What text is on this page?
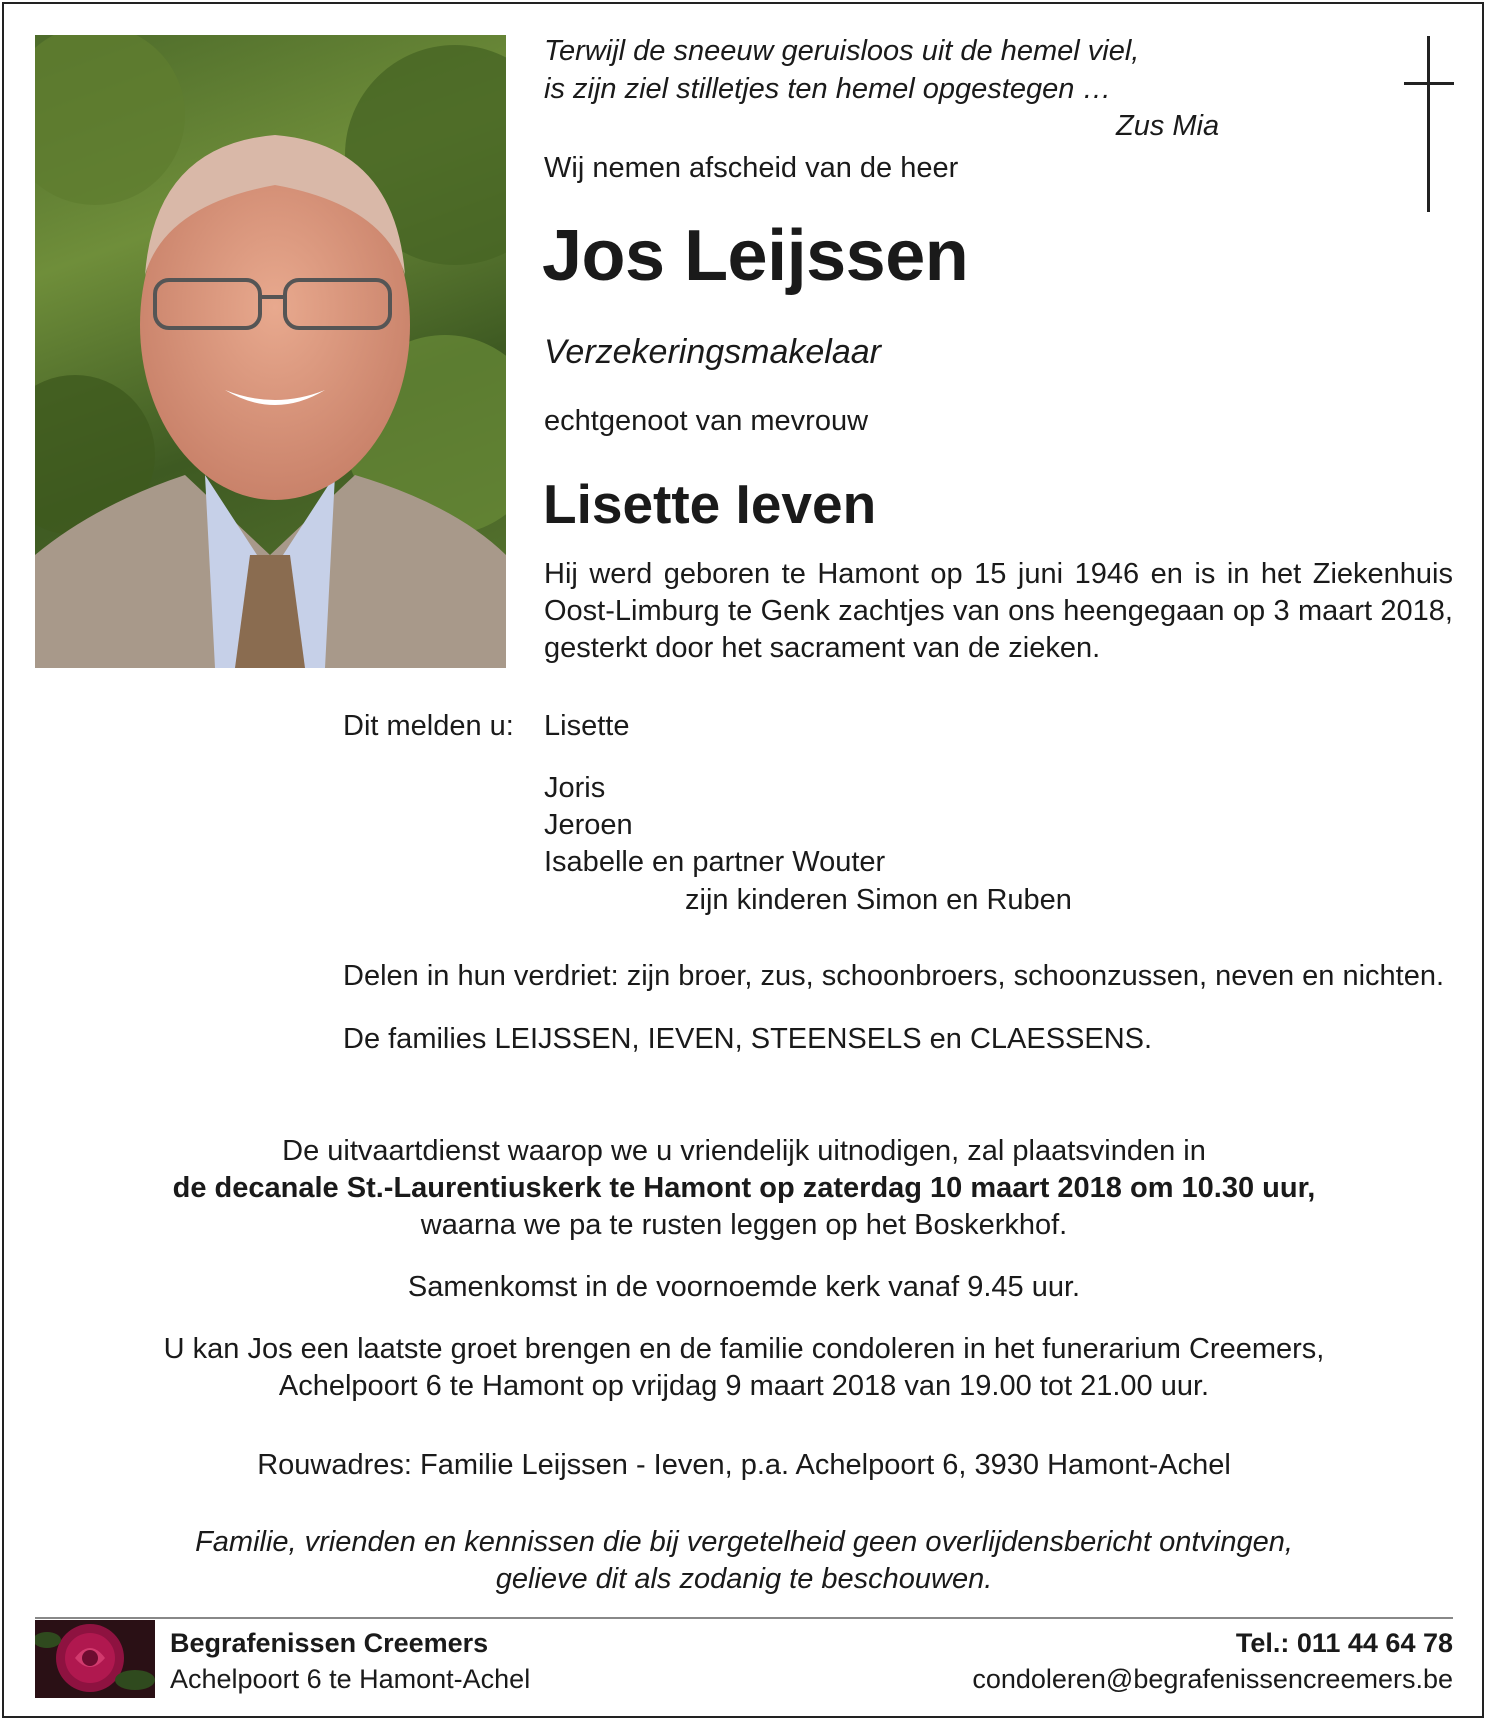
Terwijl de sneeuw geruisloos uit de hemel viel,
is zijn ziel stilletjes ten hemel opgestegen …
Zus Mia
Wij nemen afscheid van de heer
Jos Leijssen
Verzekeringsmakelaar
echtgenoot van mevrouw
Lisette Ieven
Hij werd geboren te Hamont op 15 juni 1946 en is in het Ziekenhuis Oost-Limburg te Genk zachtjes van ons heengegaan op 3 maart 2018, gesterkt door het sacrament van de zieken.
Dit melden u: Lisette
Joris
Jeroen
Isabelle en partner Wouter
zijn kinderen Simon en Ruben
Delen in hun verdriet: zijn broer, zus, schoonbroers, schoonzussen, neven en nichten.
De families LEIJSSEN, IEVEN, STEENSELS en CLAESSENS.
De uitvaartdienst waarop we u vriendelijk uitnodigen, zal plaatsvinden in
de decanale St.-Laurentiuskerk te Hamont op zaterdag 10 maart 2018 om 10.30 uur,
waarna we pa te rusten leggen op het Boskerkhof.
Samenkomst in de voornoemde kerk vanaf 9.45 uur.
U kan Jos een laatste groet brengen en de familie condoleren in het funerarium Creemers,
Achelpoort 6 te Hamont op vrijdag 9 maart 2018 van 19.00 tot 21.00 uur.
Rouwadres: Familie Leijssen - Ieven, p.a. Achelpoort 6, 3930 Hamont-Achel
Familie, vrienden en kennissen die bij vergetelheid geen overlijdensbericht ontvingen,
gelieve dit als zodanig te beschouwen.
Begrafenissen Creemers
Achelpoort 6 te Hamont-Achel
Tel.: 011 44 64 78
condoleren@begrafenissencreemers.be
